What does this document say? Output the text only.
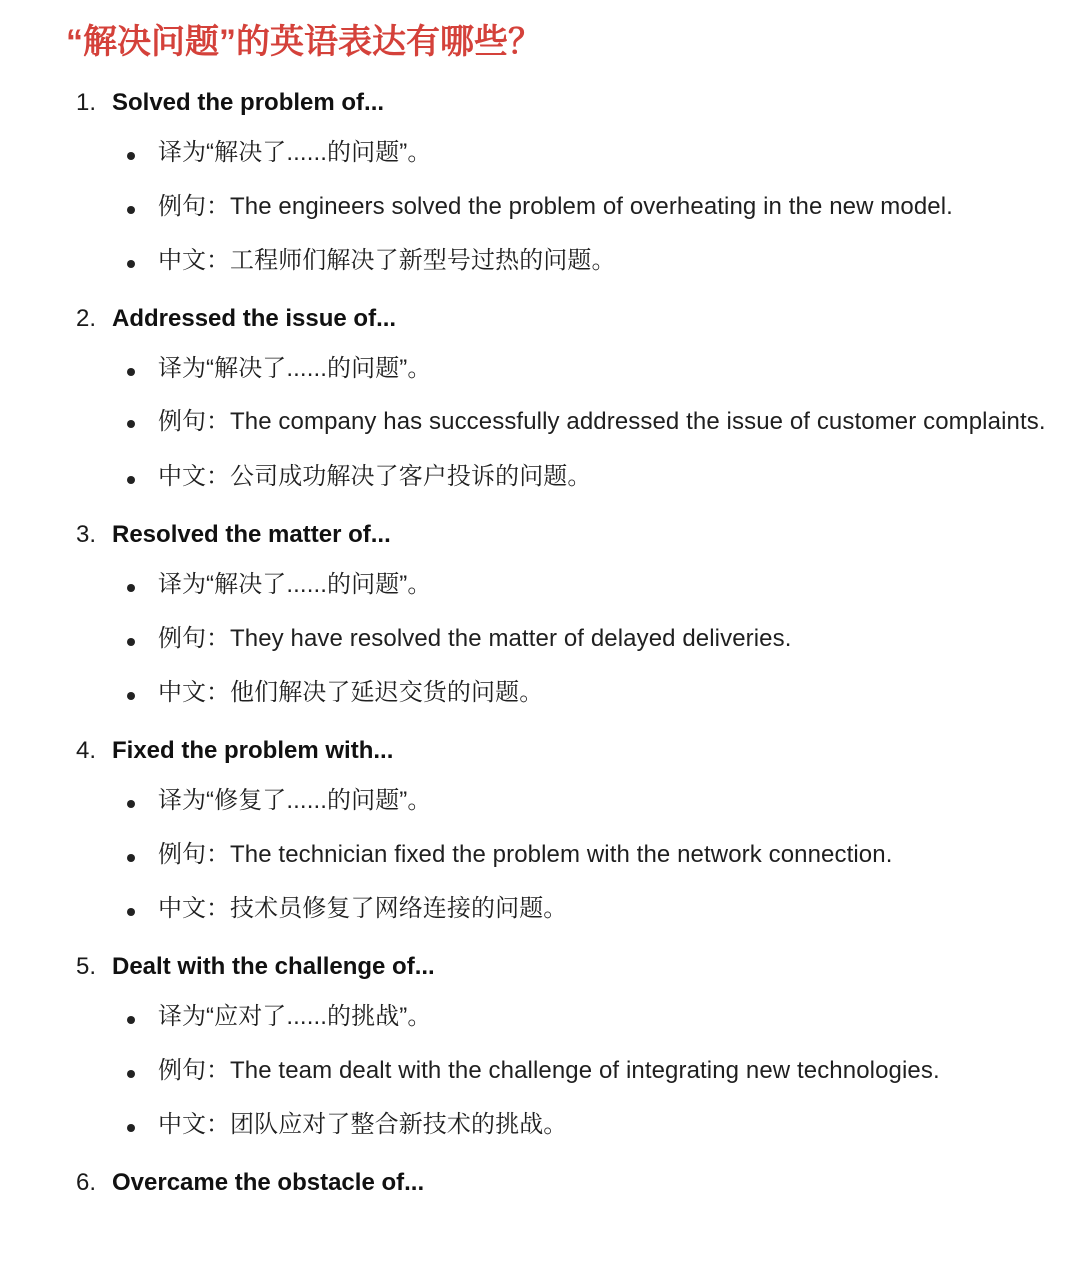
“解决问题”的英语表达有哪些？
1. Solved the problem of...
译为“解决了......的问题”。
例句：The engineers solved the problem of overheating in the new model.
中文：工程师们解决了新型号过热的问题。
2. Addressed the issue of...
译为“解决了......的问题”。
例句：The company has successfully addressed the issue of customer complaints.
中文：公司成功解决了客户投诉的问题。
3. Resolved the matter of...
译为“解决了......的问题”。
例句：They have resolved the matter of delayed deliveries.
中文：他们解决了延迟交货的问题。
4. Fixed the problem with...
译为“修复了......的问题”。
例句：The technician fixed the problem with the network connection.
中文：技术员修复了网络连接的问题。
5. Dealt with the challenge of...
译为“应对了......的挑战”。
例句：The team dealt with the challenge of integrating new technologies.
中文：团队应对了整合新技术的挑战。
6. Overcame the obstacle of...
